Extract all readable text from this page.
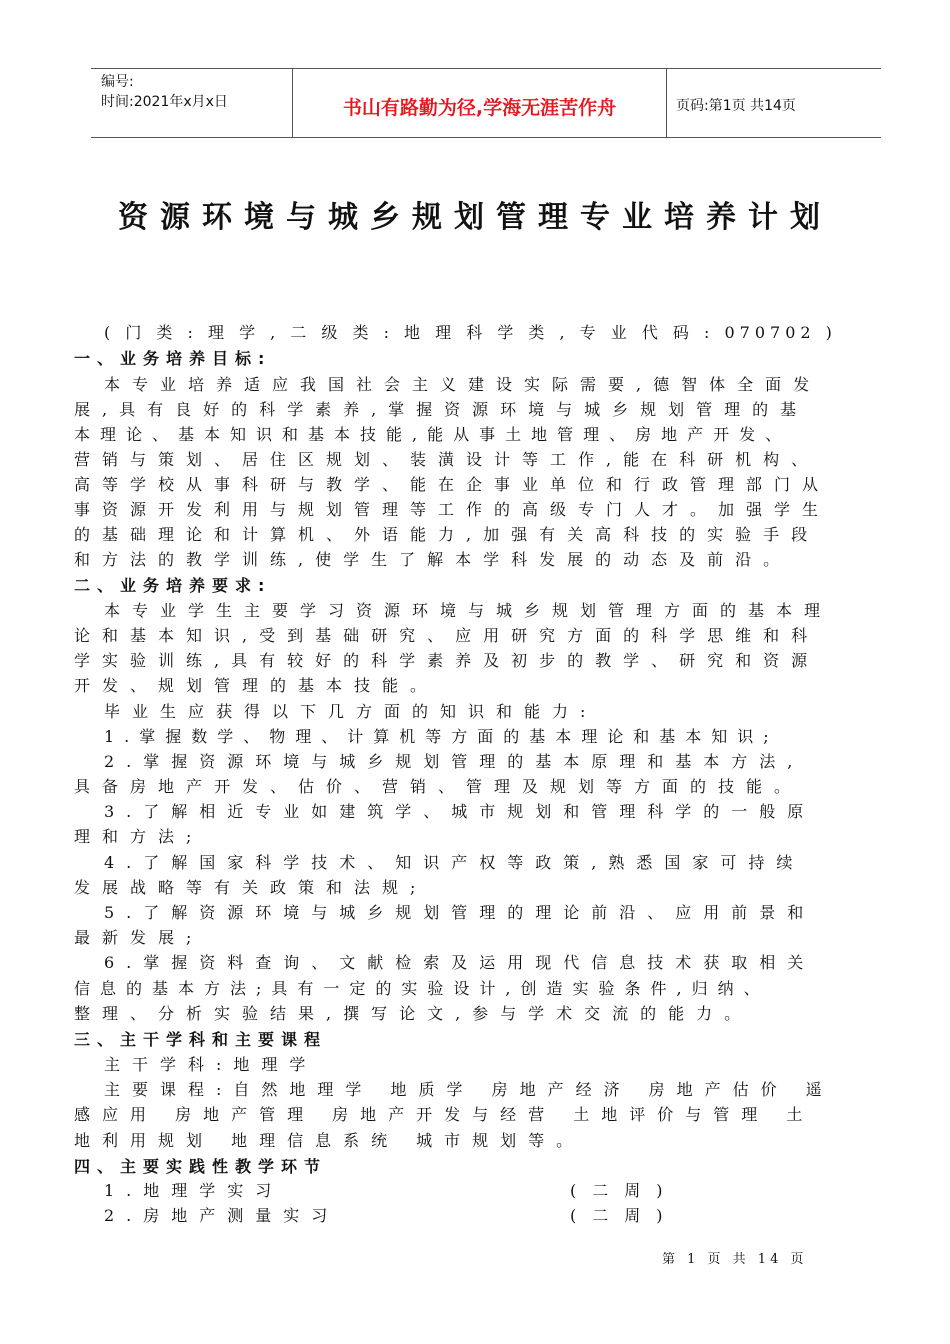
编号:
时间:2021年x月x日	书山有路勤为径,学海无涯苦作舟	页码:第1页 共14页
资源环境与城乡规划管理专业培养计划
( 门 类 : 理 学 , 二 级 类 : 地 理 科 学 类 , 专 业 代 码 : 070702 )
一、业务培养目标:
本专业培养适应我国社会主义建设实际需要,德智体全面发
展,具有良好的科学素养,掌握资源环境与城乡规划管理的基
本理论、基本知识和基本技能,能从事土地管理、房地产开发、
营销与策划、居住区规划、装潢设计等工作,能在科研机构、
高等学校从事科研与教学、能在企事业单位和行政管理部门从
事资源开发利用与规划管理等工作的高级专门人才。加强学生
的基础理论和计算机、外语能力,加强有关高科技的实验手段
和方法的教学训练,使学生了解本学科发展的动态及前沿。
二、业务培养要求:
本专业学生主要学习资源环境与城乡规划管理方面的基本理
论和基本知识,受到基础研究、应用研究方面的科学思维和科
学实验训练,具有较好的科学素养及初步的教学、研究和资源
开发、规划管理的基本技能。
毕业生应获得以下几方面的知识和能力:
1.掌握数学、物理、计算机等方面的基本理论和基本知识;
2.掌握资源环境与城乡规划管理的基本原理和基本方法,
具备房地产开发、估价、营销、管理及规划等方面的技能。
3.了解相近专业如建筑学、城市规划和管理科学的一般原
理和方法;
4.了解国家科学技术、知识产权等政策,熟悉国家可持续
发展战略等有关政策和法规;
5.了解资源环境与城乡规划管理的理论前沿、应用前景和
最新发展;
6.掌握资料查询、文献检索及运用现代信息技术获取相关
信息的基本方法;具有一定的实验设计,创造实验条件,归纳、
整理、分析实验结果,撰写论文,参与学术交流的能力。
三、主干学科和主要课程
主干学科:地理学
主要课程:自然地理学 地质学 房地产经济 房地产估价 遥
感应用 房地产管理 房地产开发与经营 土地评价与管理 土
地利用规划 地理信息系统 城市规划等。
四、主要实践性教学环节
1.地理学实习	(二周)
2.房地产测量实习	(二周)
第 1 页 共 14 页
